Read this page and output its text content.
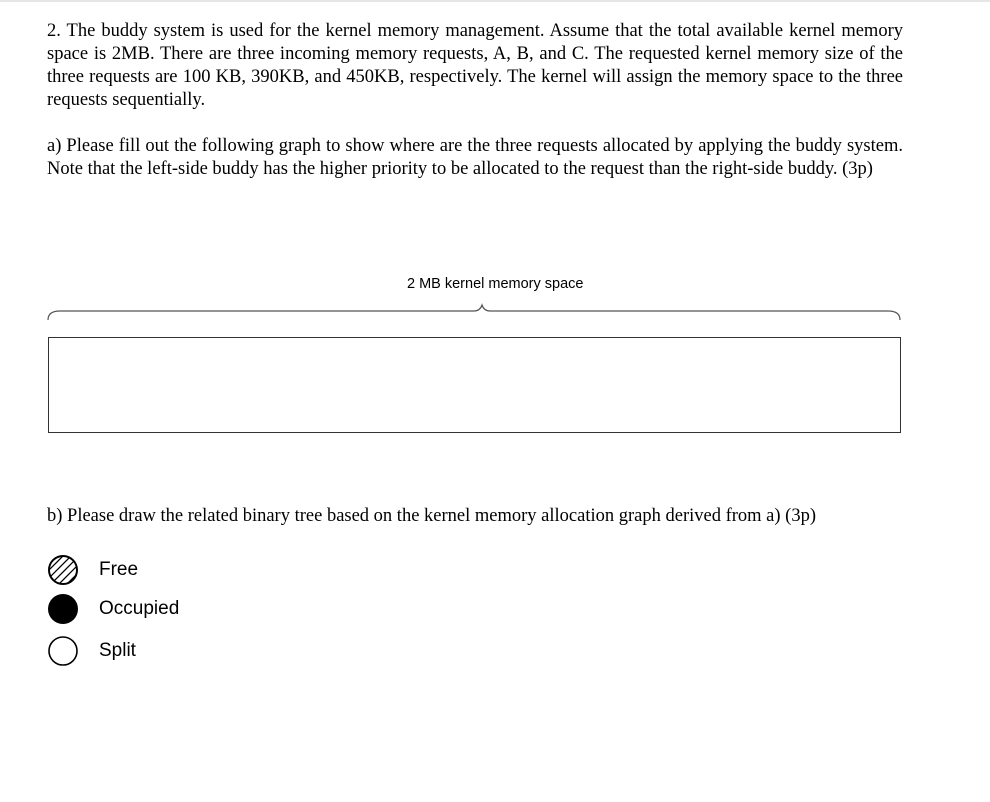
2. The buddy system is used for the kernel memory management. Assume that the total available kernel memory space is 2MB. There are three incoming memory requests, A, B, and C. The requested kernel memory size of the three requests are 100 KB, 390KB, and 450KB, respectively. The kernel will assign the memory space to the three requests sequentially.

a) Please fill out the following graph to show where are the three requests allocated by applying the buddy system. Note that the left-side buddy has the higher priority to be allocated to the request than the right-side buddy. (3p)

2 MB kernel memory space

b) Please draw the related binary tree based on the kernel memory allocation graph derived from a) (3p)

Free
Occupied
Split
